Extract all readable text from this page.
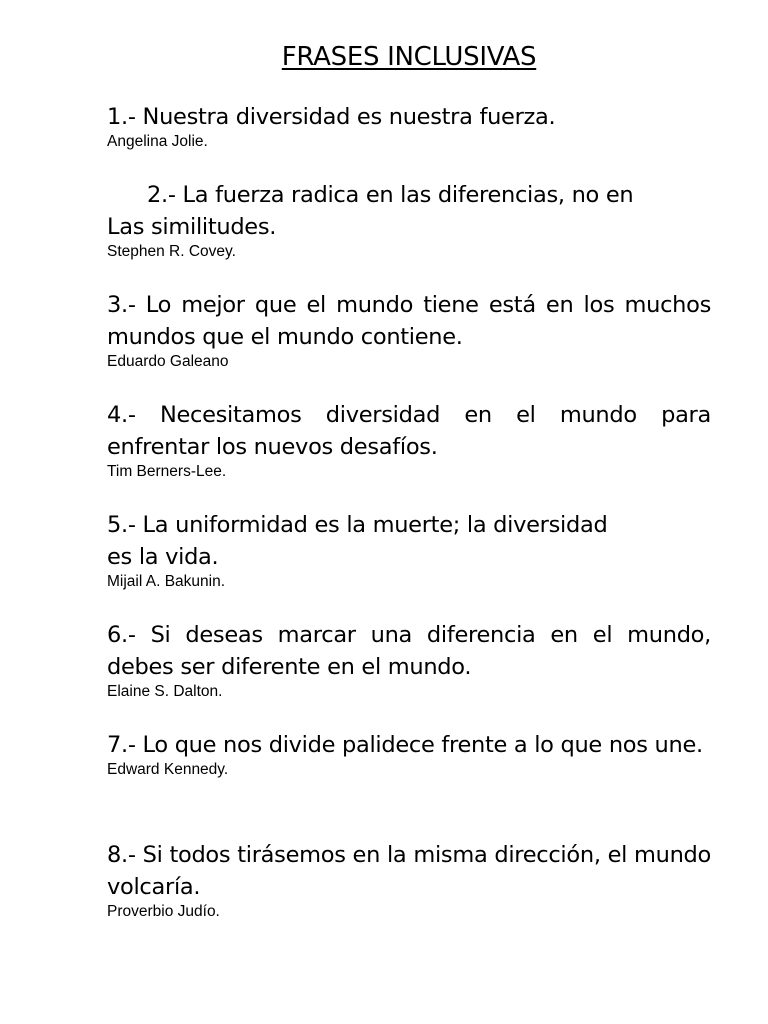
FRASES INCLUSIVAS

1.- Nuestra diversidad es nuestra fuerza.

Angelina Jolie.

2.- La fuerza radica en las diferencias, no en
Las similitudes.

Stephen R. Covey.

3.- Lo mejor que el mundo tiene está en los muchos mundos que el mundo contiene.

Eduardo Galeano

4.- Necesitamos diversidad en el mundo para enfrentar los nuevos desafíos.

Tim Berners-Lee.

5.- La uniformidad es la muerte; la diversidad
es la vida.

Mijail A. Bakunin.

6.- Si deseas marcar una diferencia en el mundo, debes ser diferente en el mundo.

Elaine S. Dalton.

7.- Lo que nos divide palidece frente a lo que nos une.

Edward Kennedy.

8.- Si todos tirásemos en la misma dirección, el mundo volcaría.

Proverbio Judío.
